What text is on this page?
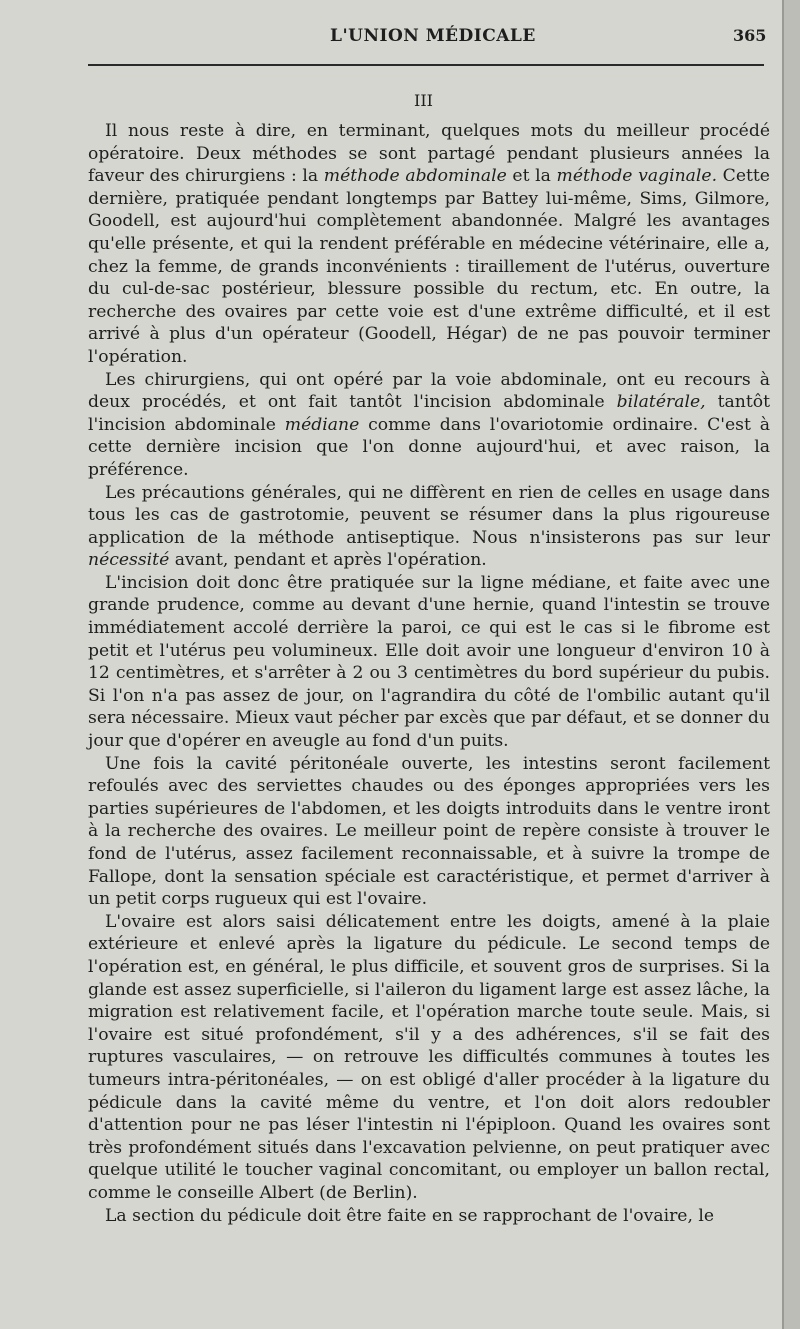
L'UNION MÉDICALE	365
III

Il nous reste à dire, en terminant, quelques mots du meilleur procédé opératoire. Deux méthodes se sont partagé pendant plusieurs années la faveur des chirurgiens : la méthode abdominale et la méthode vaginale. Cette dernière, pratiquée pendant longtemps par Battey lui-même, Sims, Gilmore, Goodell, est aujourd'hui complètement abandonnée. Malgré les avantages qu'elle présente, et qui la rendent préférable en médecine vétérinaire, elle a, chez la femme, de grands inconvénients : tiraillement de l'utérus, ouverture du cul-de-sac postérieur, blessure possible du rectum, etc. En outre, la recherche des ovaires par cette voie est d'une extrême difficulté, et il est arrivé à plus d'un opérateur (Goodell, Hégar) de ne pas pouvoir terminer l'opération.

Les chirurgiens, qui ont opéré par la voie abdominale, ont eu recours à deux procédés, et ont fait tantôt l'incision abdominale bilatérale, tantôt l'incision abdominale médiane comme dans l'ovariotomie ordinaire. C'est à cette dernière incision que l'on donne aujourd'hui, et avec raison, la préférence.

Les précautions générales, qui ne diffèrent en rien de celles en usage dans tous les cas de gastrotomie, peuvent se résumer dans la plus rigoureuse application de la méthode antiseptique. Nous n'insisterons pas sur leur nécessité avant, pendant et après l'opération.

L'incision doit donc être pratiquée sur la ligne médiane, et faite avec une grande prudence, comme au devant d'une hernie, quand l'intestin se trouve immédiatement accolé derrière la paroi, ce qui est le cas si le fibrome est petit et l'utérus peu volumineux. Elle doit avoir une longueur d'environ 10 à 12 centimètres, et s'arrêter à 2 ou 3 centimètres du bord supérieur du pubis. Si l'on n'a pas assez de jour, on l'agrandira du côté de l'ombilic autant qu'il sera nécessaire. Mieux vaut pécher par excès que par défaut, et se donner du jour que d'opérer en aveugle au fond d'un puits.

Une fois la cavité péritonéale ouverte, les intestins seront facilement refoulés avec des serviettes chaudes ou des éponges appropriées vers les parties supérieures de l'abdomen, et les doigts introduits dans le ventre iront à la recherche des ovaires. Le meilleur point de repère consiste à trouver le fond de l'utérus, assez facilement reconnaissable, et à suivre la trompe de Fallope, dont la sensation spéciale est caractéristique, et permet d'arriver à un petit corps rugueux qui est l'ovaire.

L'ovaire est alors saisi délicatement entre les doigts, amené à la plaie extérieure et enlevé après la ligature du pédicule. Le second temps de l'opération est, en général, le plus difficile, et souvent gros de surprises. Si la glande est assez superficielle, si l'aileron du ligament large est assez lâche, la migration est relativement facile, et l'opération marche toute seule. Mais, si l'ovaire est situé profondément, s'il y a des adhérences, s'il se fait des ruptures vasculaires, — on retrouve les difficultés communes à toutes les tumeurs intra-péritonéales, — on est obligé d'aller procéder à la ligature du pédicule dans la cavité même du ventre, et l'on doit alors redoubler d'attention pour ne pas léser l'intestin ni l'épiploon. Quand les ovaires sont très profondément situés dans l'excavation pelvienne, on peut pratiquer avec quelque utilité le toucher vaginal concomitant, ou employer un ballon rectal, comme le conseille Albert (de Berlin).

La section du pédicule doit être faite en se rapprochant de l'ovaire, le
